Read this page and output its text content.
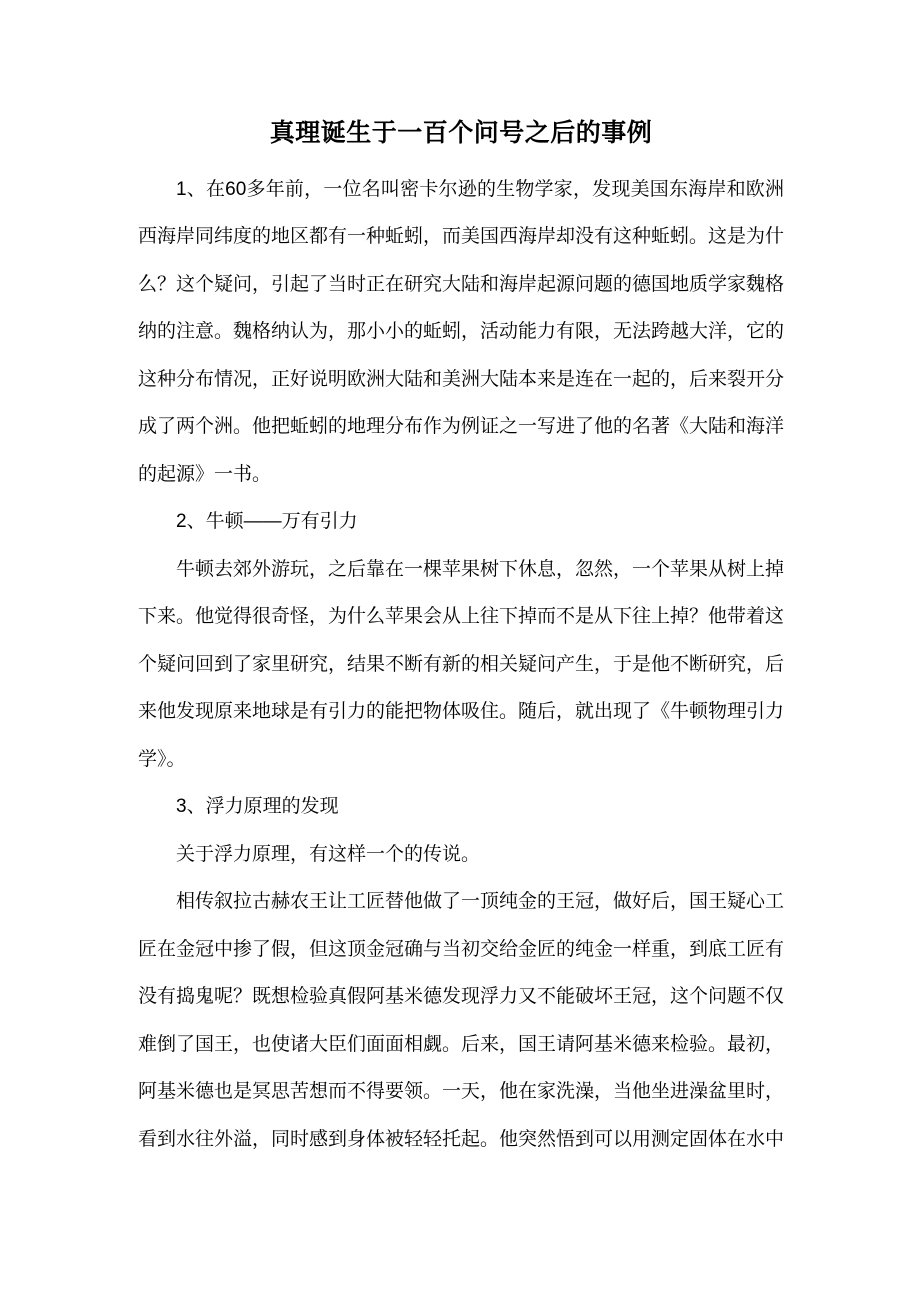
真理诞生于一百个问号之后的事例

1、在60多年前，一位名叫密卡尔逊的生物学家，发现美国东海岸和欧洲西海岸同纬度的地区都有一种蚯蚓，而美国西海岸却没有这种蚯蚓。这是为什么？这个疑问，引起了当时正在研究大陆和海岸起源问题的德国地质学家魏格纳的注意。魏格纳认为，那小小的蚯蚓，活动能力有限，无法跨越大洋，它的这种分布情况，正好说明欧洲大陆和美洲大陆本来是连在一起的，后来裂开分成了两个洲。他把蚯蚓的地理分布作为例证之一写进了他的名著《大陆和海洋的起源》一书。

2、牛顿——万有引力

牛顿去郊外游玩，之后靠在一棵苹果树下休息，忽然，一个苹果从树上掉下来。他觉得很奇怪，为什么苹果会从上往下掉而不是从下往上掉？他带着这个疑问回到了家里研究，结果不断有新的相关疑问产生，于是他不断研究，后来他发现原来地球是有引力的能把物体吸住。随后，就出现了《牛顿物理引力学》。

3、浮力原理的发现

关于浮力原理，有这样一个的传说。

相传叙拉古赫农王让工匠替他做了一顶纯金的王冠，做好后，国王疑心工匠在金冠中掺了假，但这顶金冠确与当初交给金匠的纯金一样重，到底工匠有没有捣鬼呢？既想检验真假阿基米德发现浮力又不能破坏王冠，这个问题不仅难倒了国王，也使诸大臣们面面相觑。后来，国王请阿基米德来检验。最初，阿基米德也是冥思苦想而不得要领。一天，他在家洗澡，当他坐进澡盆里时，看到水往外溢，同时感到身体被轻轻托起。他突然悟到可以用测定固体在水中
